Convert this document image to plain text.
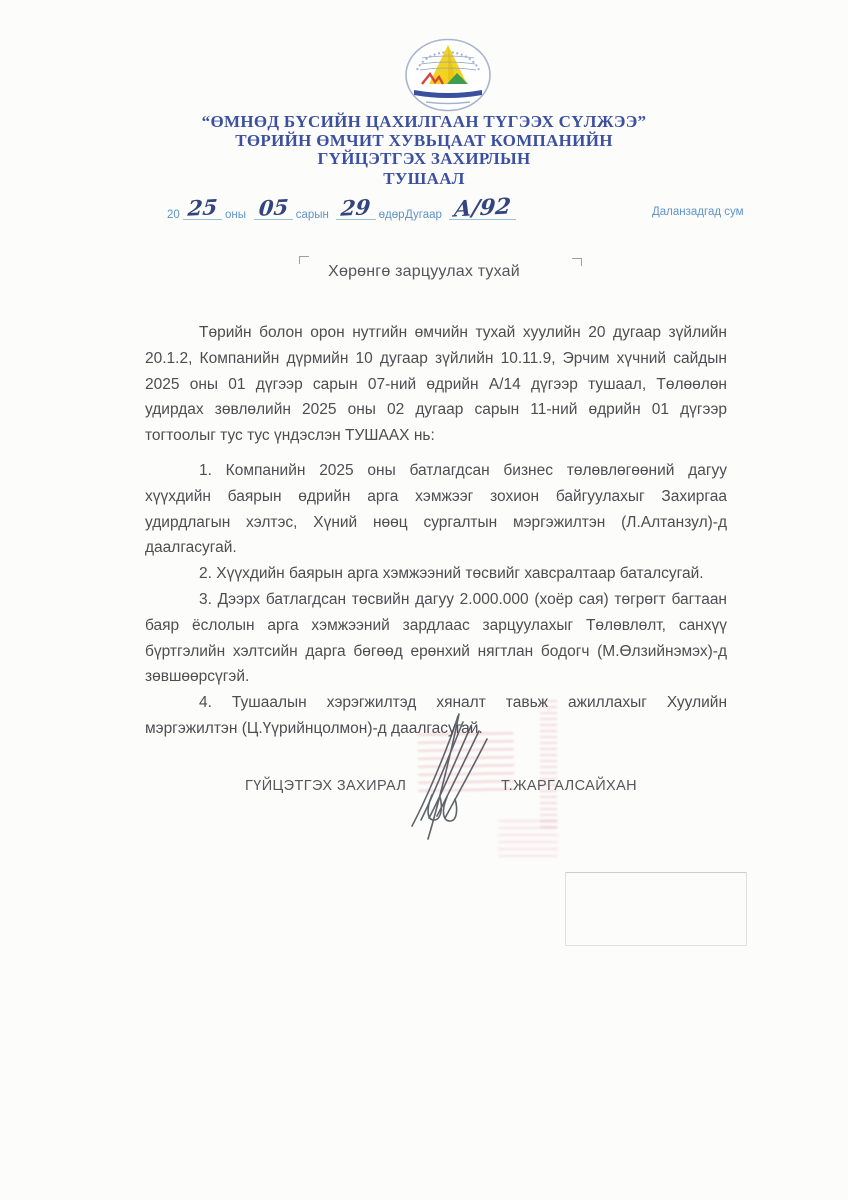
“ӨМНӨД БҮСИЙН ЦАХИЛГААН ТҮГЭЭХ СҮЛЖЭЭ”
ТӨРИЙН ӨМЧИТ ХУВЬЦААТ КОМПАНИЙН
ГҮЙЦЭТГЭХ ЗАХИРЛЫН
ТУШААЛ
20 25 оны 05 сарын 29 өдөр Дугаар А/92	Даланзадгад сум
Хөрөнгө зарцуулах тухай

Төрийн болон орон нутгийн өмчийн тухай хуулийн 20 дугаар зүйлийн 20.1.2, Компанийн дүрмийн 10 дугаар зүйлийн 10.11.9, Эрчим хүчний сайдын 2025 оны 01 дүгээр сарын 07-ний өдрийн А/14 дүгээр тушаал, Төлөөлөн удирдах зөвлөлийн 2025 оны 02 дугаар сарын 11-ний өдрийн 01 дүгээр тогтоолыг тус тус үндэслэн ТУШААХ нь:

1. Компанийн 2025 оны батлагдсан бизнес төлөвлөгөөний дагуу хүүхдийн баярын өдрийн арга хэмжээг зохион байгуулахыг Захиргаа удирдлагын хэлтэс, Хүний нөөц сургалтын мэргэжилтэн (Л.Алтанзул)-д даалгасугай.

2. Хүүхдийн баярын арга хэмжээний төсвийг хавсралтаар баталсугай.

3. Дээрх батлагдсан төсвийн дагуу 2.000.000 (хоёр сая) төгрөгт багтаан баяр ёслолын арга хэмжээний зардлаас зарцуулахыг Төлөвлөлт, санхүү бүртгэлийн хэлтсийн дарга бөгөөд ерөнхий нягтлан бодогч (М.Өлзийнэмэх)-д зөвшөөрсүгэй.

4. Тушаалын хэрэгжилтэд хяналт тавьж ажиллахыг Хуулийн мэргэжилтэн (Ц.Үүрийнцолмон)-д даалгасугай.

ГҮЙЦЭТГЭХ ЗАХИРАЛ	Т.ЖАРГАЛСАЙХАН
